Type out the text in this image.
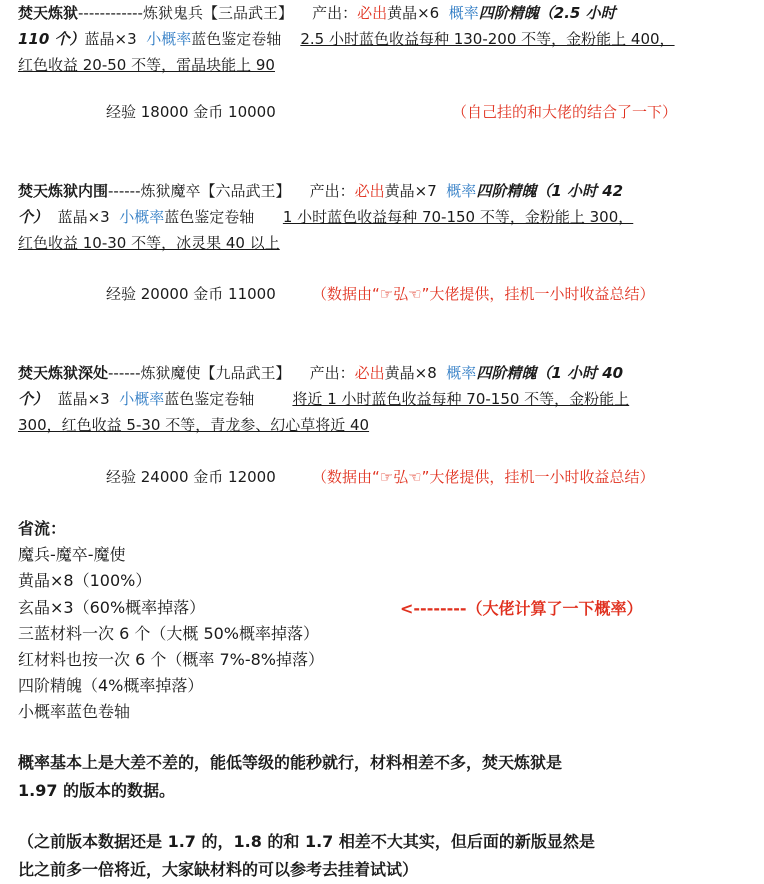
焚天炼狱------------炼狱鬼兵【三品武王】 产出：必出黄晶×6 概率四阶精魄（2.5 小时
110 个）蓝晶×3 小概率蓝色鉴定卷轴 2.5 小时蓝色收益每种 130-200 不等，金粉能上 400，
红色收益 20-50 不等，雷晶块能上 90
经验 18000 金币 10000	（自己挂的和大佬的结合了一下）
焚天炼狱内围------炼狱魔卒【六品武王】 产出：必出黄晶×7 概率四阶精魄（1 小时 42
个） 蓝晶×3 小概率蓝色鉴定卷轴 1 小时蓝色收益每种 70-150 不等，金粉能上 300，
红色收益 10-30 不等，冰灵果 40 以上
经验 20000 金币 11000 （数据由“☞弘☜”大佬提供，挂机一小时收益总结）
焚天炼狱深处------炼狱魔使【九品武王】 产出：必出黄晶×8 概率四阶精魄（1 小时 40
个） 蓝晶×3 小概率蓝色鉴定卷轴	将近 1 小时蓝色收益每种 70-150 不等，金粉能上
300，红色收益 5-30 不等，青龙参、幻心草将近 40
经验 24000 金币 12000 （数据由“☞弘☜”大佬提供，挂机一小时收益总结）
省流：
魔兵-魔卒-魔使
黄晶×8（100%）
玄晶×3（60%概率掉落）
三蓝材料一次 6 个（大概 50%概率掉落）
红材料也按一次 6 个（概率 7%-8%掉落）
四阶精魄（4%概率掉落）
小概率蓝色卷轴
<--------（大佬计算了一下概率）
概率基本上是大差不差的，能低等级的能秒就行，材料相差不多，焚天炼狱是
1.97 的版本的数据。
（之前版本数据还是 1.7 的，1.8 的和 1.7 相差不大其实，但后面的新版显然是
比之前多一倍将近，大家缺材料的可以参考去挂着试试）
